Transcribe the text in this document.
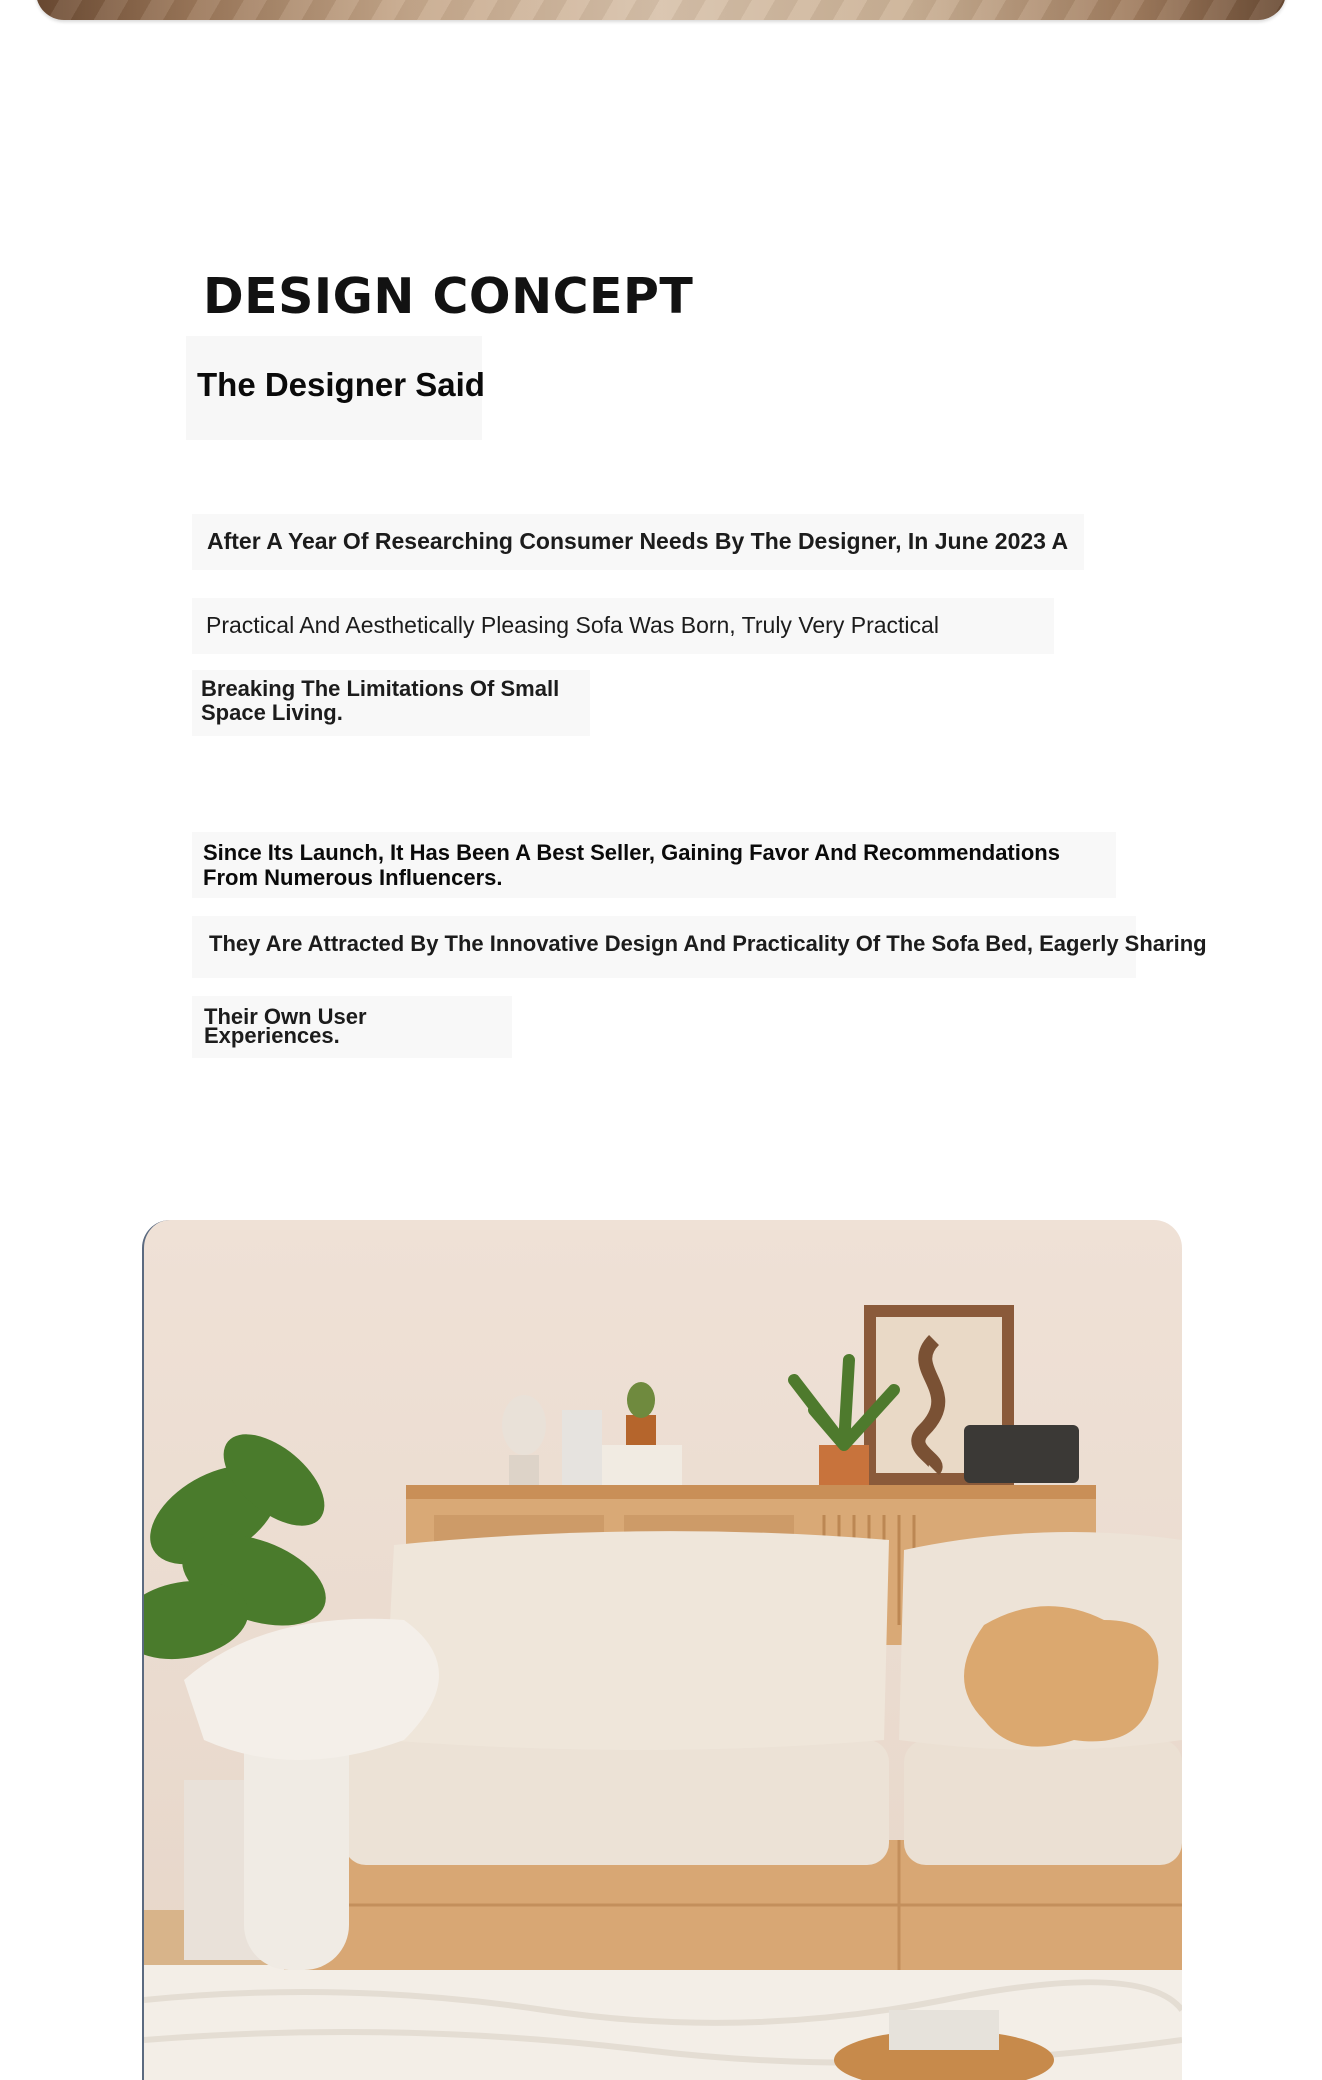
DESIGN CONCEPT
The Designer Said
After A Year Of Researching Consumer Needs By The Designer, In June 2023 A
Practical And Aesthetically Pleasing Sofa Was Born, Truly Very Practical
Breaking The Limitations Of Small Space Living.
Since Its Launch, It Has Been A Best Seller, Gaining Favor And Recommendations From Numerous Influencers.
They Are Attracted By The Innovative Design And Practicality Of The Sofa Bed, Eagerly Sharing
Their Own User Experiences.
